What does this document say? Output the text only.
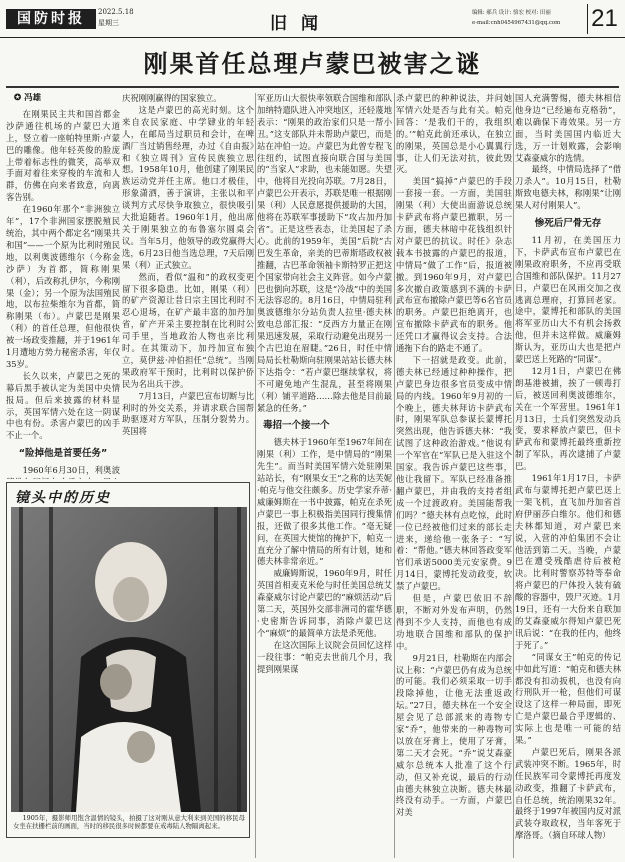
国防时报	2022.5.18
星期三	旧闻
编辑: 郝兵 设计: 骆宏 校对: 田丽
e-mail:cnh0454967431@qq.com 21
刚果首任总理卢蒙巴被害之谜
✪ 冯雄

在刚果民主共和国首都金沙萨通往机场的卢蒙巴大道上，竖立着一座帕特里斯·卢蒙巴的雕像。他年轻英俊的脸庞上带着标志性的微笑，高举双手面对着往来穿梭的车流和人群，仿佛在向来者致意，向离客告别。

在1960年那个“非洲独立年”，17个非洲国家摆脱殖民统治，其中两个都定名“刚果共和国”——一个原为比利时殖民地，以利奥波德维尔（今称金沙萨）为首都，简称刚果（利），后改称扎伊尔，今称刚果（金）；另一个原为法国殖民地，以布拉柴维尔为首都，简称刚果（布）。卢蒙巴是刚果（利）的首任总理，但他很快被一场政变推翻，并于1961年1月遭地方势力秘密杀害，年仅35岁。

长久以来，卢蒙巴之死的幕后黑手被认定为美国中央情报局。但后来披露的材料显示，英国军情六处在这一阴谋中也有份。杀害卢蒙巴的凶手不止一个。

“险掉他是首要任务”

1960年6月30日，利奥波

庆祝刚刚赢得的国家独立。

这是卢蒙巴的高光时刻。这个来自农民家庭、中学肄业的年轻人，在邮局当过职员和会计，在啤酒厂当过销售经理，办过《自由报》和《独立周刊》宣传民族独立思想。1958年10月，他创建了刚果民族运动党并任主席。他口才极佳，形象潇洒，善于演讲，主张以和平谈判方式尽快争取独立，很快吸引大批追随者。1960年1月，他出席关于刚果独立的布鲁塞尔圆桌会议。当年5月，他领导的政党赢得大选，6月23日他当选总理，7天后刚果（利）正式独立。

然而，看似“温和”的政权变更留下很多隐患。比如，刚果（利）的矿产资源让昔日宗主国比利时不忍心退场，在矿产最丰富的加丹加省，矿产开采主要控制在比利时公司手里，当地政治人物也亲比利时。在其策动下，加丹加宣布独立，莫伊兹·冲伯担任“总统”。当刚果政府军干预时，比利时以保护侨民为名出兵干涉。

7月13日，卢蒙巴宣布切断与比利时的外交关系，并请求联合国帮助驱逐对方军队，压制分裂势力。英国将

军亚历山大很快率领联合国维和部队加纳特遣队进入冲突地区，还轻蔑地表示：“刚果的政治家们只是一帮小丑。”这支部队并未帮助卢蒙巴，而是站在冲伯一边。卢蒙巴为此曾专程飞往纽约，试图直接向联合国与美国的“当家人”求助，也未能如愿。失望中，他将目光投向苏联。7月28日，卢蒙巴公开表示，苏联是唯一根据刚果（利）人民意愿提供援助的大国，他将在苏联军事援助下“攻占加丹加省”。正是这些表态，让美国起了杀心。此前的1959年，美国“后院”古巴发生革命，亲美的巴蒂斯塔政权被推翻，古巴革命领袖卡斯特罗正把这个国家带向社会主义阵营。如今卢蒙巴也倒向苏联，这是“冷战”中的美国无法容忍的。8月16日，中情局驻利奥波德维尔分站负责人拉里·德夫林致电总部汇报：“反西方力量正在刚果迅速发展，采取行动避免出现另一个古巴迫在眉睫。”26日，时任中情局局长杜勒斯向驻刚果站站长德夫林下达指令：“若卢蒙巴继续掌权，将不可避免地产生混乱，甚至将刚果（利）铺平道路……除去他是目前最紧急的任务。”

毒招一个接一个

德夫林于1960年至1967年间在刚果（利）工作，是中情局的“刚果先生”。而当时美国军情六处驻刚果站站长，有“刚果女王”之称的达芙妮·帕克与他交往颇多。历史学家乔蒂·威廉姆斯在一书中披露，帕克在杀死卢蒙巴一事上积极指美国同行搜集情报，还做了很多其他工作。“毫无疑问，在英国大使馆的掩护下，帕克一直充分了解中情局的所有计划，她和德夫林非常亲近。”

威廉姆斯说，1960年9月，时任英国首相麦克米伦与时任美国总统艾森豪威尔讨论卢蒙巴的“麻烦活动”后第二天，英国外交部非洲司的霍华德·史密斯告诉同事，消除卢蒙巴这个“麻烦”的最简单方法是杀死他。

在这次国际上议院会员回忆这样一段往事：“帕克去世前几个月，我提到刚果谋

杀卢蒙巴的种种说法，并问她军情六处是否与此有关。帕克回答：‘是我们干的，我组织的。’”帕克此前还承认，在独立的刚果，英国总是小心翼翼行事，让人们无法对抗，彼此毁灭。

美国“搞掉”卢蒙巴的手段一套接一套。一方面，美国驻刚果（利）大使出面游说总统卡萨武布将卢蒙巴撤职，另一方面，德夫林暗中花钱组织针对卢蒙巴的抗议。时任》杂志载本书披露的卢蒙巴的报道，中情局“做了工作”后，报道被撤。到1960年9月，对卢蒙巴多次撤自政策感到不满的卡萨武布宣布撤除卢蒙巴等6名官员的职务。卢蒙巴拒绝离开，也宣布撤除卡萨武布的职务。他还凭口才赢得议会支持。合法通拖下台的路走不通了。

下一招就是政变。此前，德夫林已经通过种种操作，把卢蒙巴身边很多官员变成中情局的内线。1960年9月初的一个晚上，德夫林拜访卡萨武布时，刚果军队总参谋长蒙博托突然出现，他告诉德夫林：“我试图了这种政治游戏。”他说有一个军官在“军队已是入驻这个国家。我告诉卢蒙巴这些事，他让我留下。军队已经准备推翻卢蒙巴，并由我的支持者组成一个过渡政府。美国能帮我们吗？”德夫林有点吃惊，此时一位已经被他们过来的部长走进来，递给他一张条子：“写着：“帮他。”德夫林回答政变军官们承诺5000美元安家费。9月14日，蒙博托发动政变，软禁了卢蒙巴。

但是，卢蒙巴依旧不辞职，不断对外发布声明，仍然得到不少人支持，而他也有成功地联合国维和部队的保护中。

9月21日，杜勒斯在内部会议上称：“卢蒙巴仍有成为总统的可能。我们必须采取一切手段除掉他，让他无法重返政坛。”27日，德夫林在一个安全屋会见了总部派来的毒物专家“乔”，他带来的一种毒物可以放在牙膏上，使用了牙膏，第二天才会死。“乔”说艾森豪威尔总统本人批准了这个行动，但又补充说，最后的行动由德夫林独立决断。德夫林最终没有动手。一方面，卢蒙巴对美

国人充满警惕，德夫林相信他身边“已经遍布克格勃”，难以确保下毒效果。另一方面，当时美国国内临近大选，万一计划败露，会影响艾森豪威尔的选情。

最终，中情局选择了“借刀杀人”。10月15日，杜勒斯致电德夫林，称刚果“让刚果人对付刚果人”。

惨死后尸骨无存

11月初，在美国压力下，卡萨武布宣布卢蒙巴在刚果政府职务，不应再受联合国维和部队保护。11月27日，卢蒙巴在风雨交加之夜逃离总理府，打算回老家。途中，蒙博托和部队的美国将军亚历山大不有机会扬救他，但并未这样做。威廉姆斯认为，亚历山大也是把卢蒙巴送上死路的“同谋”。

12月1日，卢蒙巴在佛朗基港被捕，挨了一顿毒打后，被送回利奥波德维尔，关在一个军营里。1961年1月13日，士兵们突然发动兵变，要求释放卢蒙巴，但卡萨武布和蒙博托最终重新控制了军队，再次逮捕了卢蒙巴。

1961年1月17日，卡萨武布与蒙博托把卢蒙巴送上一架飞机，直飞加丹加省首府伊丽莎白维尔。他们和德夫林都知道，对卢蒙巴来说，入营的冲伯集团不会让他活到第二天。当晚，卢蒙巴在遭受残酷虐待后被枪决。比利时警察苏特等奉命将卢蒙巴的尸体投入装有硫酸的容器中，毁尸灭迹。1月19日，还有一大份来自联加的艾森豪威尔得知卢蒙巴死讯后说：“在我的任内，他终于死了。”

“同谋女王”帕克的传记中如此写道：“帕克和德夫林都没有扣动扳机，也没有向行刑队开一枪，但他们可谋设这了这样一种局面，即死亡是卢蒙巴最合乎逻辑的、实际上也是唯一可能的结果。”

卢蒙巴死后，刚果各派武装冲突不断。1965年，时任民族军司令蒙博托再度发动政变，推翻了卡萨武布，自任总统，统治刚果32年。最终于1997年被国内反对派武装夺取政权，当年客死于摩洛哥。（摘自环球人物）

镜头中的历史
1905年，摄影师用饱含温情的镜头，拍摄了这对刚从意大利来到美国的移民母女坐在扶栅栏前的画面，当时的移民很多时候都要在戒毒陆人物隔离起来。
